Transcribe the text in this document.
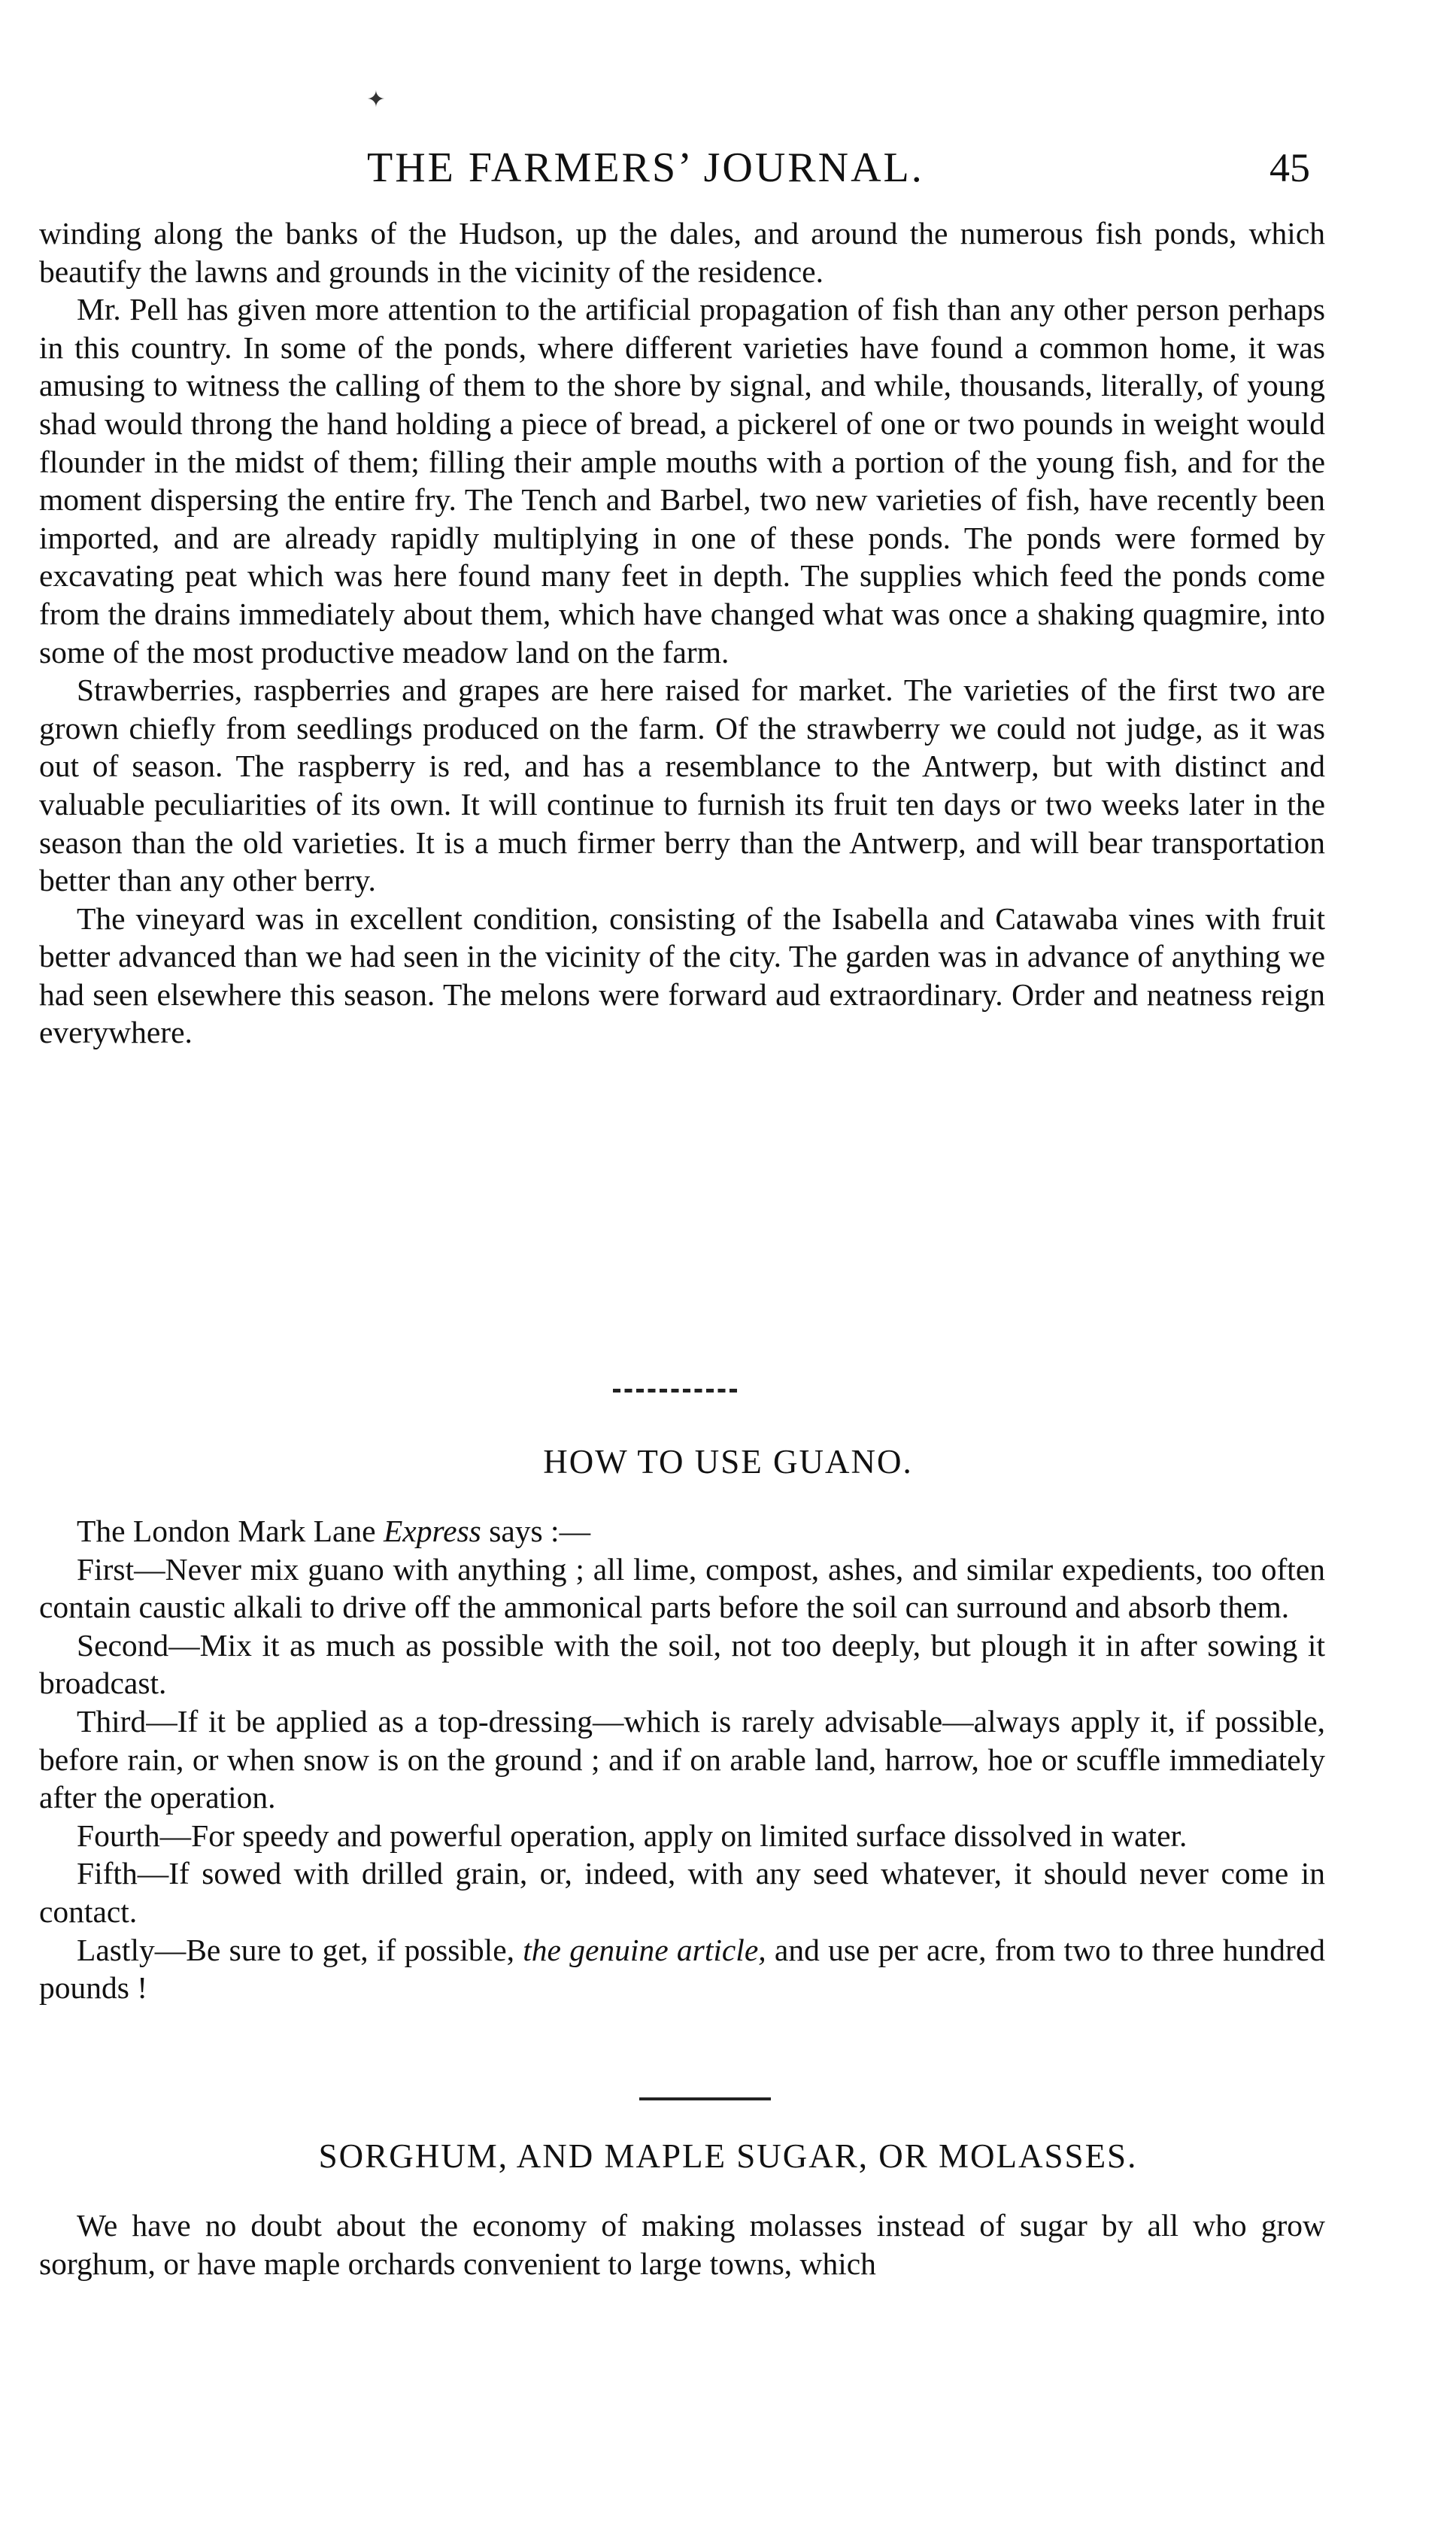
✦
THE FARMERS’ JOURNAL.	45

winding along the banks of the Hudson, up the dales, and around the numerous fish ponds, which beautify the lawns and grounds in the vicinity of the residence.

Mr. Pell has given more attention to the artificial propagation of fish than any other person perhaps in this country. In some of the ponds, where different varieties have found a common home, it was amusing to witness the calling of them to the shore by signal, and while, thousands, literally, of young shad would throng the hand holding a piece of bread, a pickerel of one or two pounds in weight would flounder in the midst of them; filling their ample mouths with a portion of the young fish, and for the moment dispersing the entire fry. The Tench and Barbel, two new varieties of fish, have recently been imported, and are already rapidly multiplying in one of these ponds. The ponds were formed by excavating peat which was here found many feet in depth. The supplies which feed the ponds come from the drains immediately about them, which have changed what was once a shaking quagmire, into some of the most productive meadow land on the farm.

Strawberries, raspberries and grapes are here raised for market. The varieties of the first two are grown chiefly from seedlings produced on the farm. Of the strawberry we could not judge, as it was out of season. The raspberry is red, and has a resemblance to the Antwerp, but with distinct and valuable peculiarities of its own. It will continue to furnish its fruit ten days or two weeks later in the season than the old varieties. It is a much firmer berry than the Antwerp, and will bear transportation better than any other berry.

The vineyard was in excellent condition, consisting of the Isabella and Catawaba vines with fruit better advanced than we had seen in the vicinity of the city. The garden was in advance of anything we had seen elsewhere this season. The melons were forward aud extraordinary. Order and neatness reign everywhere.

HOW TO USE GUANO.

The London Mark Lane Express says :—

First—Never mix guano with anything ; all lime, compost, ashes, and similar expedients, too often contain caustic alkali to drive off the ammonical parts before the soil can surround and absorb them.

Second—Mix it as much as possible with the soil, not too deeply, but plough it in after sowing it broadcast.

Third—If it be applied as a top-dressing—which is rarely advisable—always apply it, if possible, before rain, or when snow is on the ground ; and if on arable land, harrow, hoe or scuffle immediately after the operation.

Fourth—For speedy and powerful operation, apply on limited surface dissolved in water.

Fifth—If sowed with drilled grain, or, indeed, with any seed whatever, it should never come in contact.

Lastly—Be sure to get, if possible, the genuine article, and use per acre, from two to three hundred pounds !

SORGHUM, AND MAPLE SUGAR, OR MOLASSES.

We have no doubt about the economy of making molasses instead of sugar by all who grow sorghum, or have maple orchards convenient to large towns, which
